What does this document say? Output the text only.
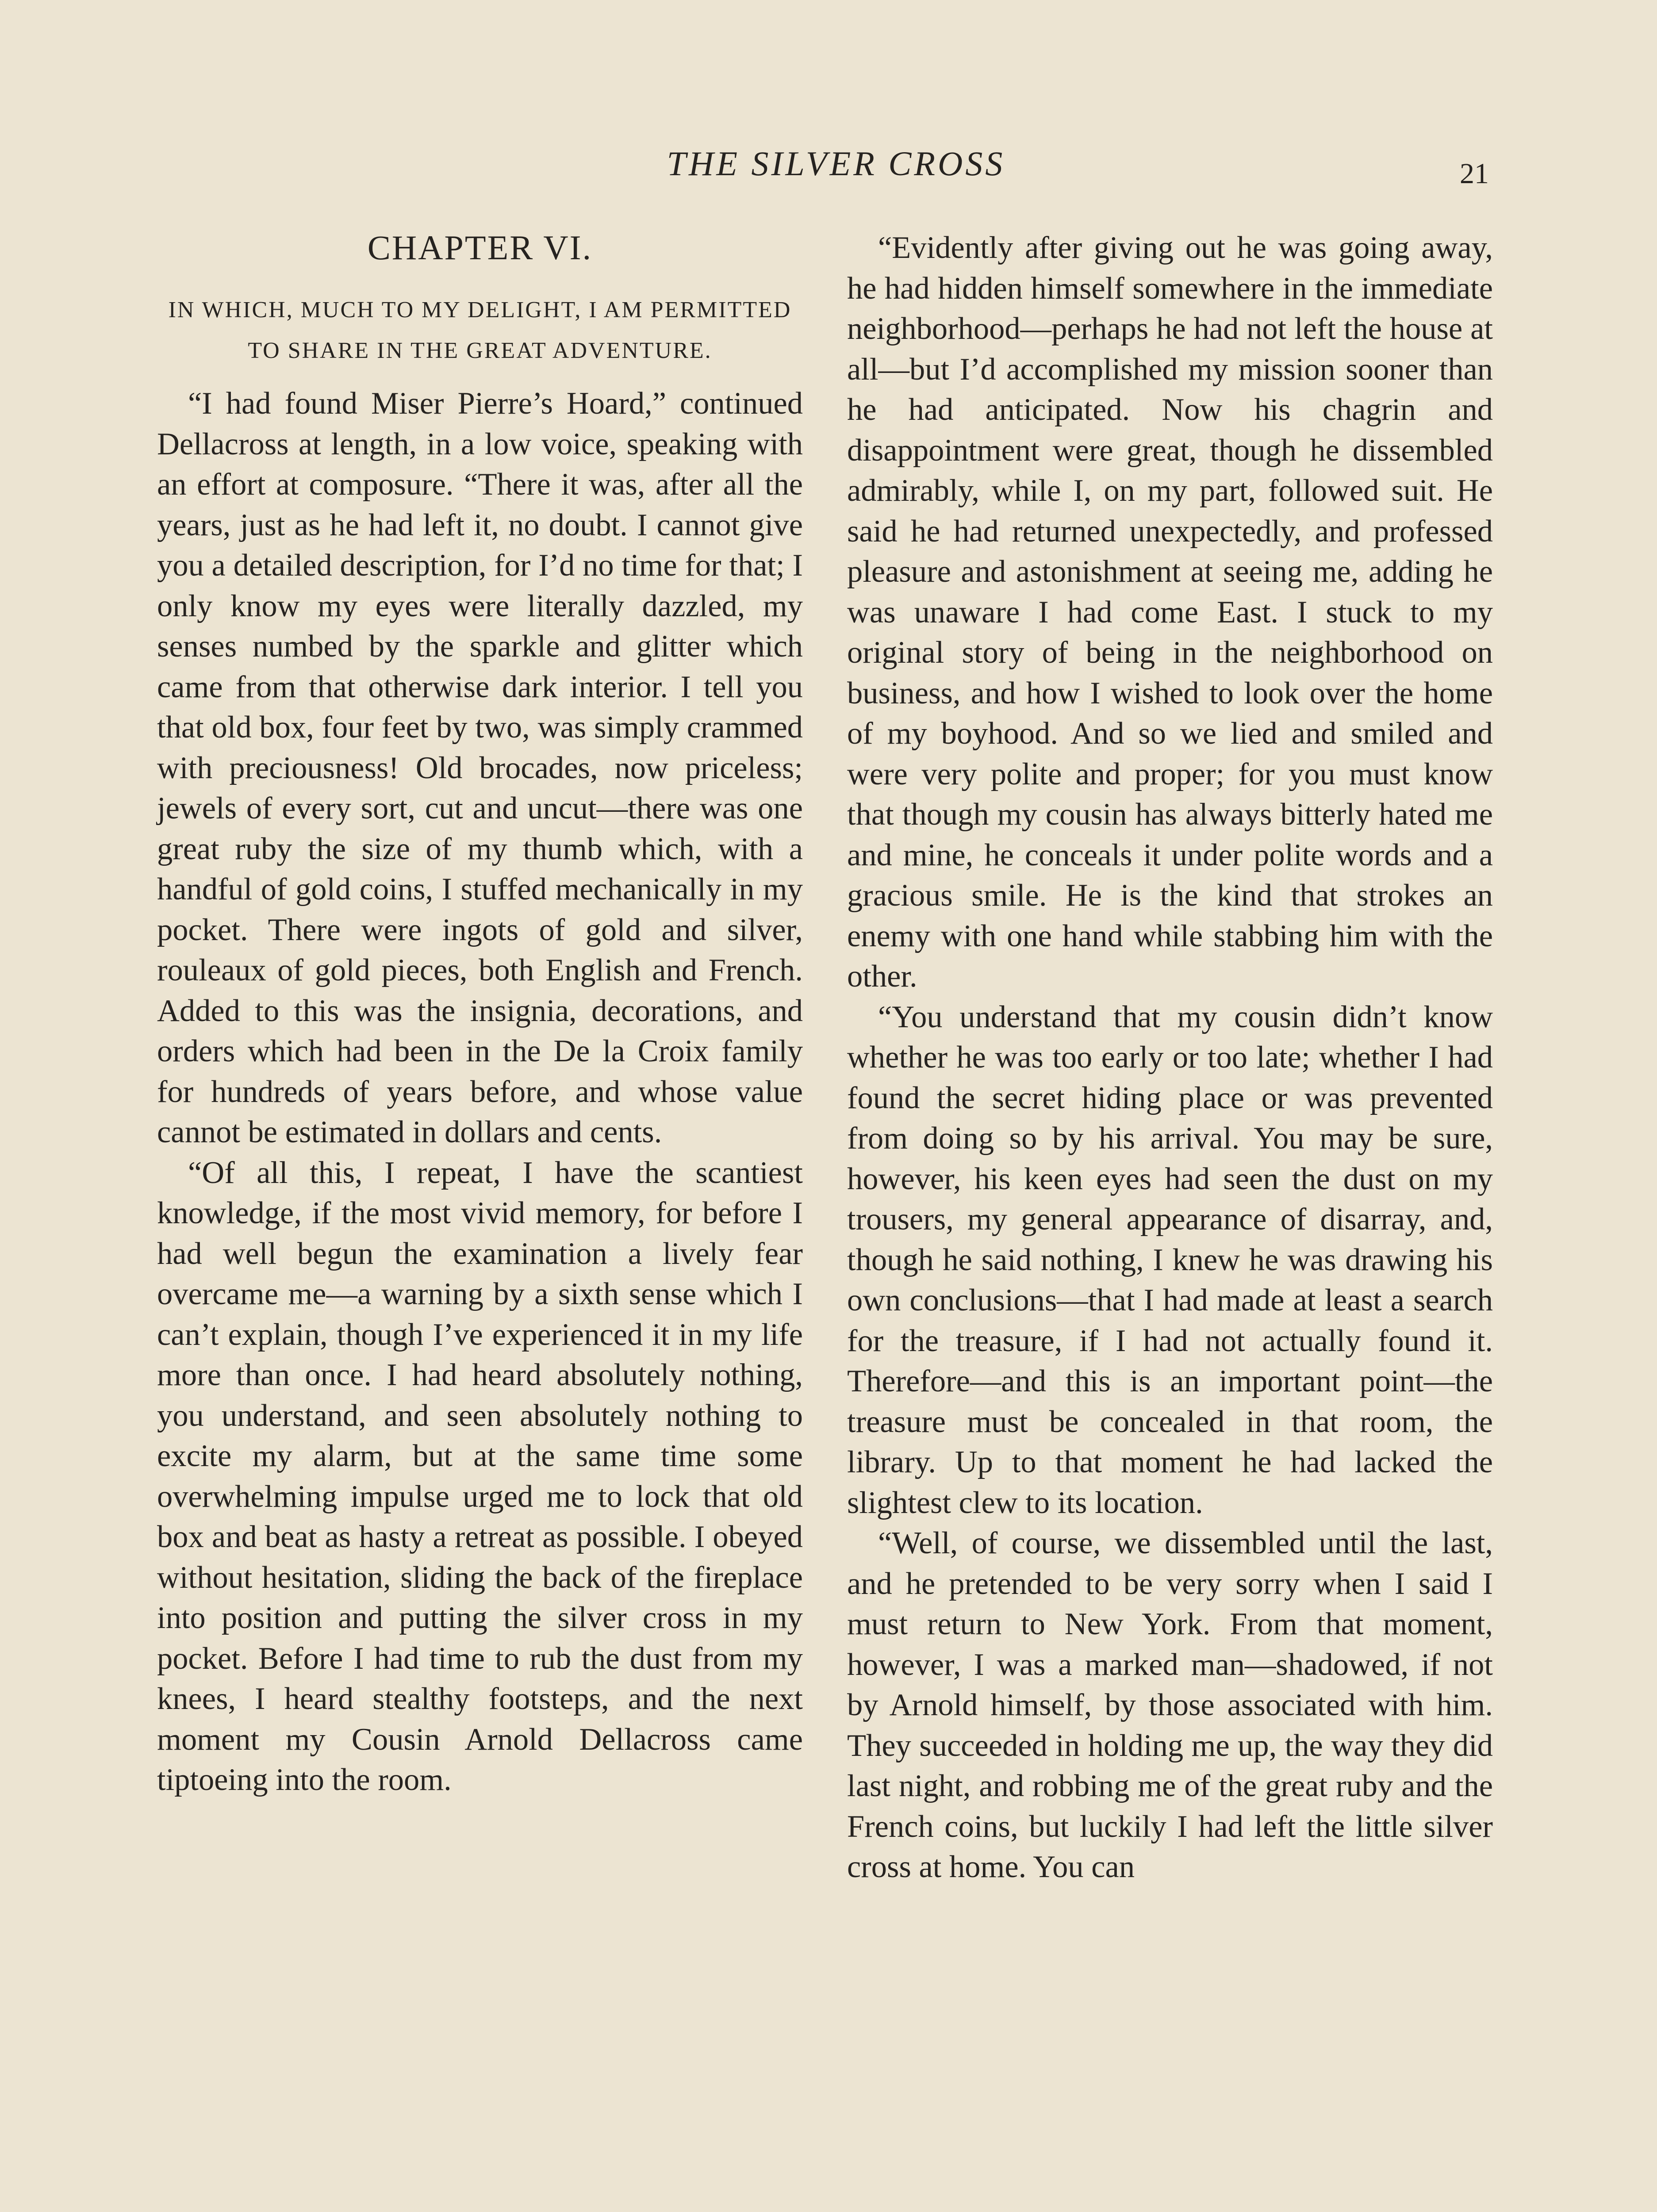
THE SILVER CROSS	21
CHAPTER VI.
IN WHICH, MUCH TO MY DELIGHT, I AM PERMITTED TO SHARE IN THE GREAT ADVENTURE.

“I had found Miser Pierre’s Hoard,” continued Dellacross at length, in a low voice, speaking with an effort at composure. “There it was, after all the years, just as he had left it, no doubt. I cannot give you a detailed description, for I’d no time for that; I only know my eyes were literally dazzled, my senses numbed by the sparkle and glitter which came from that otherwise dark interior. I tell you that old box, four feet by two, was simply crammed with preciousness! Old brocades, now priceless; jewels of every sort, cut and uncut—there was one great ruby the size of my thumb which, with a handful of gold coins, I stuffed mechanically in my pocket. There were ingots of gold and silver, rouleaux of gold pieces, both English and French. Added to this was the insignia, decorations, and orders which had been in the De la Croix family for hundreds of years before, and whose value cannot be estimated in dollars and cents.

“Of all this, I repeat, I have the scantiest knowledge, if the most vivid memory, for before I had well begun the examination a lively fear overcame me—a warning by a sixth sense which I can’t explain, though I’ve experienced it in my life more than once. I had heard absolutely nothing, you understand, and seen absolutely nothing to excite my alarm, but at the same time some overwhelming impulse urged me to lock that old box and beat as hasty a retreat as possible. I obeyed without hesitation, sliding the back of the fireplace into position and putting the silver cross in my pocket. Before I had time to rub the dust from my knees, I heard stealthy footsteps, and the next moment my Cousin Arnold Dellacross came tiptoeing into the room.

“Evidently after giving out he was going away, he had hidden himself somewhere in the immediate neighborhood—perhaps he had not left the house at all—but I’d accomplished my mission sooner than he had anticipated. Now his chagrin and disappointment were great, though he dissembled admirably, while I, on my part, followed suit. He said he had returned unexpectedly, and professed pleasure and astonishment at seeing me, adding he was unaware I had come East. I stuck to my original story of being in the neighborhood on business, and how I wished to look over the home of my boyhood. And so we lied and smiled and were very polite and proper; for you must know that though my cousin has always bitterly hated me and mine, he conceals it under polite words and a gracious smile. He is the kind that strokes an enemy with one hand while stabbing him with the other.

“You understand that my cousin didn’t know whether he was too early or too late; whether I had found the secret hiding place or was prevented from doing so by his arrival. You may be sure, however, his keen eyes had seen the dust on my trousers, my general appearance of disarray, and, though he said nothing, I knew he was drawing his own conclusions—that I had made at least a search for the treasure, if I had not actually found it. Therefore—and this is an important point—the treasure must be concealed in that room, the library. Up to that moment he had lacked the slightest clew to its location.

“Well, of course, we dissembled until the last, and he pretended to be very sorry when I said I must return to New York. From that moment, however, I was a marked man—shadowed, if not by Arnold himself, by those associated with him. They succeeded in holding me up, the way they did last night, and robbing me of the great ruby and the French coins, but luckily I had left the little silver cross at home. You can
